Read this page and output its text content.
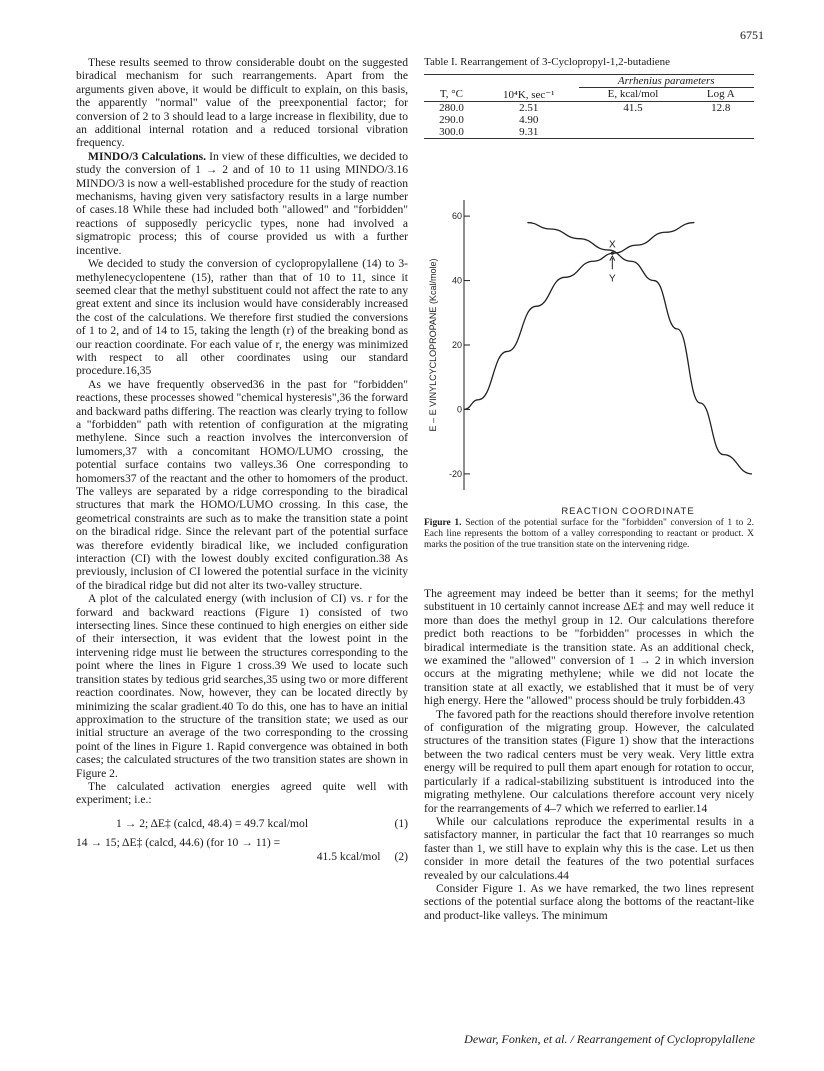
6751

These results seemed to throw considerable doubt on the suggested biradical mechanism for such rearrangements. Apart from the arguments given above, it would be difficult to explain, on this basis, the apparently "normal" value of the preexponential factor; for conversion of 2 to 3 should lead to a large increase in flexibility, due to an additional internal rotation and a reduced torsional vibration frequency.

MINDO/3 Calculations. In view of these difficulties, we decided to study the conversion of 1 → 2 and of 10 to 11 using MINDO/3.16 MINDO/3 is now a well-established procedure for the study of reaction mechanisms, having given very satisfactory results in a large number of cases.18 While these had included both "allowed" and "forbidden" reactions of supposedly pericyclic types, none had involved a sigmatropic process; this of course provided us with a further incentive.

We decided to study the conversion of cyclopropylallene (14) to 3-methylenecyclopentene (15), rather than that of 10 to 11, since it seemed clear that the methyl substituent could not affect the rate to any great extent and since its inclusion would have considerably increased the cost of the calculations. We therefore first studied the conversions of 1 to 2, and of 14 to 15, taking the length (r) of the breaking bond as our reaction coordinate. For each value of r, the energy was minimized with respect to all other coordinates using our standard procedure.16,35

As we have frequently observed36 in the past for "forbidden" reactions, these processes showed "chemical hysteresis",36 the forward and backward paths differing. The reaction was clearly trying to follow a "forbidden" path with retention of configuration at the migrating methylene. Since such a reaction involves the interconversion of lumomers,37 with a concomitant HOMO/LUMO crossing, the potential surface contains two valleys.36 One corresponding to homomers37 of the reactant and the other to homomers of the product. The valleys are separated by a ridge corresponding to the biradical structures that mark the HOMO/LUMO crossing. In this case, the geometrical constraints are such as to make the transition state a point on the biradical ridge. Since the relevant part of the potential surface was therefore evidently biradical like, we included configuration interaction (CI) with the lowest doubly excited configuration.38 As previously, inclusion of CI lowered the potential surface in the vicinity of the biradical ridge but did not alter its two-valley structure.

A plot of the calculated energy (with inclusion of CI) vs. r for the forward and backward reactions (Figure 1) consisted of two intersecting lines. Since these continued to high energies on either side of their intersection, it was evident that the lowest point in the intervening ridge must lie between the structures corresponding to the point where the lines in Figure 1 cross.39 We used to locate such transition states by tedious grid searches,35 using two or more different reaction coordinates. Now, however, they can be located directly by minimizing the scalar gradient.40 To do this, one has to have an initial approximation to the structure of the transition state; we used as our initial structure an average of the two corresponding to the crossing point of the lines in Figure 1. Rapid convergence was obtained in both cases; the calculated structures of the two transition states are shown in Figure 2.

The calculated activation energies agreed quite well with experiment; i.e.:

1 → 2; ΔE‡ (calcd, 48.4) = 49.7 kcal/mol	(1)
14 → 15; ΔE‡ (calcd, 44.6) (for 10 → 11) =
41.5 kcal/mol (2)
Table I. Rearrangement of 3-Cyclopropyl-1,2-butadiene
		Arrhenius parameters	
T, °C	10⁴K, sec⁻¹	E, kcal/mol	Log A
280.0	2.51	41.5	12.8
290.0	4.90		
300.0	9.31		
60
40
20
0
-20
E – E VINYLCYCLOPROPANE (Kcal/mole)
REACTION COORDINATE
X
Y
Figure 1. Section of the potential surface for the "forbidden" conversion of 1 to 2. Each line represents the bottom of a valley corresponding to reactant or product. X marks the position of the true transition state on the intervening ridge.

The agreement may indeed be better than it seems; for the methyl substituent in 10 certainly cannot increase ΔE‡ and may well reduce it more than does the methyl group in 12. Our calculations therefore predict both reactions to be "forbidden" processes in which the biradical intermediate is the transition state. As an additional check, we examined the "allowed" conversion of 1 → 2 in which inversion occurs at the migrating methylene; while we did not locate the transition state at all exactly, we established that it must be of very high energy. Here the "allowed" process should be truly forbidden.43

The favored path for the reactions should therefore involve retention of configuration of the migrating group. However, the calculated structures of the transition states (Figure 1) show that the interactions between the two radical centers must be very weak. Very little extra energy will be required to pull them apart enough for rotation to occur, particularly if a radical-stabilizing substituent is introduced into the migrating methylene. Our calculations therefore account very nicely for the rearrangements of 4–7 which we referred to earlier.14

While our calculations reproduce the experimental results in a satisfactory manner, in particular the fact that 10 rearranges so much faster than 1, we still have to explain why this is the case. Let us then consider in more detail the features of the two potential surfaces revealed by our calculations.44

Consider Figure 1. As we have remarked, the two lines represent sections of the potential surface along the bottoms of the reactant-like and product-like valleys. The minimum

Dewar, Fonken, et al. / Rearrangement of Cyclopropylallene
